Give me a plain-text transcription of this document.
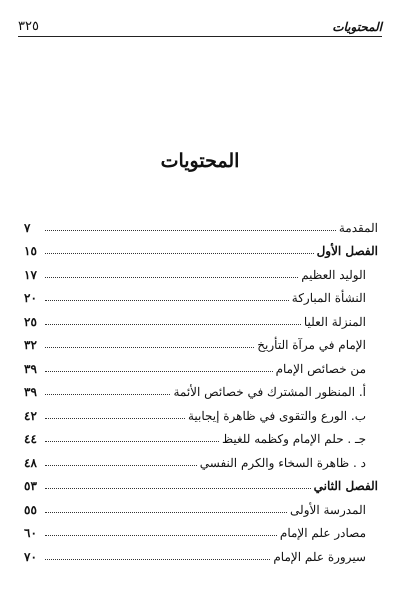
المحتويات
٣٢٥
المحتويات
المقدمة
٧
الفصل الأول
١٥
الوليد العظيم
١٧
النشأة المباركة
٢٠
المنزلة العليا
٢٥
الإمام في مرآة التأريخ
٣٢
من خصائص الإمام
٣٩
أ. المنظور المشترك في خصائص الأئمة
٣٩
ب. الورع والتقوى في ظاهرة إيجابية
٤٢
جـ . حلم الإمام وكظمه للغيظ
٤٤
د . ظاهرة السخاء والكرم النفسي
٤٨
الفصل الثاني
٥٣
المدرسة الأولى
٥٥
مصادر علم الإمام
٦٠
سيرورة علم الإمام
٧٠
